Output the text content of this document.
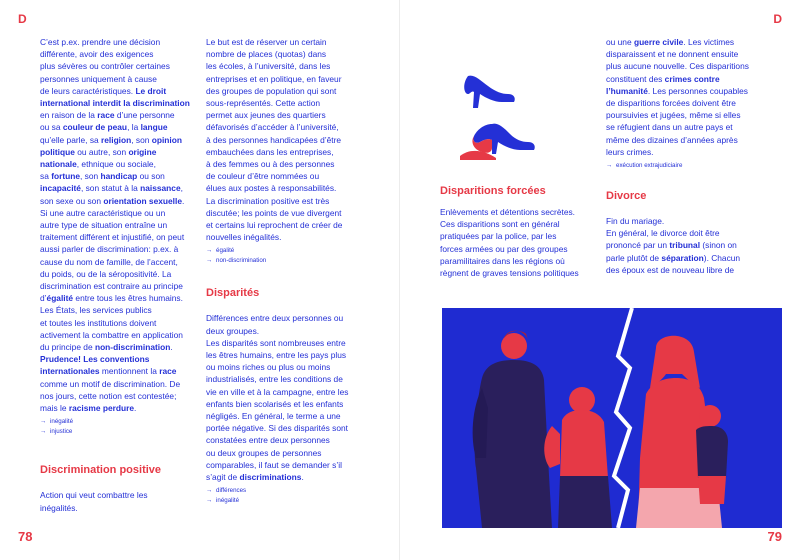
D
78

C’est p.ex. prendre une décision

différente, avoir des exigences

plus sévères ou contrôler certaines

personnes uniquement à cause

de leurs caractéristiques. Le droit

international interdit la discrimination

en raison de la race d’une personne

ou sa couleur de peau, la langue

qu’elle parle, sa religion, son opinion

politique ou autre, son origine

nationale, ethnique ou sociale,

sa fortune, son handicap ou son

incapacité, son statut à la naissance,

son sexe ou son orientation sexuelle.

Si une autre caractéristique ou un

autre type de situation entraîne un

traitement différent et injustifié, on peut

aussi parler de discrimination: p.ex. à

cause du nom de famille, de l’accent,

du poids, ou de la séropositivité. La

discrimination est contraire au principe

d’égalité entre tous les êtres humains.

Les États, les services publics

et toutes les institutions doivent

activement la combattre en application

du principe de non-discrimination.

Prudence! Les conventions

internationales mentionnent la race

comme un motif de discrimination. De

nos jours, cette notion est contestée;

mais le racisme perdure.

→ inégalité
→ injustice

Discrimination positive

Action qui veut combattre les

inégalités.

Le but est de réserver un certain

nombre de places (quotas) dans

les écoles, à l’université, dans les

entreprises et en politique, en faveur

des groupes de population qui sont

sous-représentés. Cette action

permet aux jeunes des quartiers

défavorisés d’accéder à l’université,

à des personnes handicapées d’être

embauchées dans les entreprises,

à des femmes ou à des personnes

de couleur d’être nommées ou

élues aux postes à responsabilités.

La discrimination positive est très

discutée; les points de vue divergent

et certains lui reprochent de créer de

nouvelles inégalités.

→ égalité
→ non-discrimination

Disparités

Différences entre deux personnes ou

deux groupes.

Les disparités sont nombreuses entre

les êtres humains, entre les pays plus

ou moins riches ou plus ou moins

industrialisés, entre les conditions de

vie en ville et à la campagne, entre les

enfants bien scolarisés et les enfants

négligés. En général, le terme a une

portée négative. Si des disparités sont

constatées entre deux personnes

ou deux groupes de personnes

comparables, il faut se demander s’il

s’agit de discriminations.

→ différences
→ inégalité
D
79

Disparitions forcées

Enlèvements et détentions secrètes.

Ces disparitions sont en général

pratiquées par la police, par les

forces armées ou par des groupes

paramilitaires dans les régions où

règnent de graves tensions politiques

ou une guerre civile. Les victimes

disparaissent et ne donnent ensuite

plus aucune nouvelle. Ces disparitions

constituent des crimes contre

l’humanité. Les personnes coupables

de disparitions forcées doivent être

poursuivies et jugées, même si elles

se réfugient dans un autre pays et

même des dizaines d’années après

leurs crimes.

→ exécution extrajudiciaire

Divorce

Fin du mariage.

En général, le divorce doit être

prononcé par un tribunal (sinon on

parle plutôt de séparation). Chacun

des époux est de nouveau libre de
